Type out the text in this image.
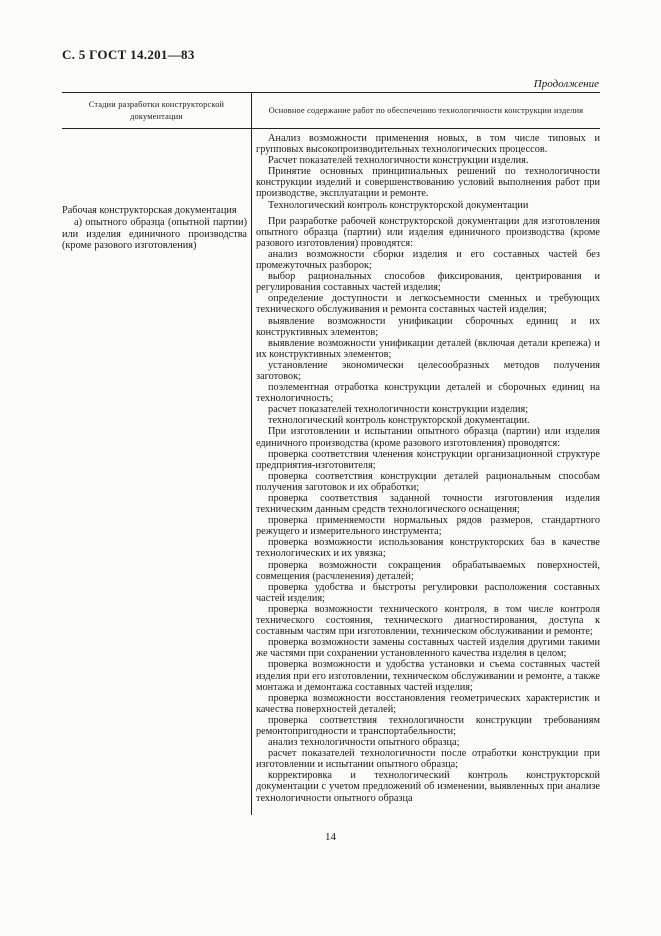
С. 5 ГОСТ 14.201—83
Продолжение
Стадии разработки конструкторской документации
Основное содержание работ по обеспечению технологичности конструкции изделия

Рабочая конструкторская документация

а) опытного образца (опытной партии) или изделия единичного производства (кроме разового изготовления)

Анализ возможности применения новых, в том числе типовых и групповых высокопроизводительных технологических процессов.

Расчет показателей технологичности конструкции изделия.

Принятие основных принципиальных решений по технологичности конструкции изделий и совершенствованию условий выполнения работ при производстве, эксплуатации и ремонте.

Технологический контроль конструкторской документации

При разработке рабочей конструкторской документации для изготовления опытного образца (партии) или изделия единичного производства (кроме разового изготовления) проводятся:

анализ возможности сборки изделия и его составных частей без промежуточных разборок;

выбор рациональных способов фиксирования, центрирования и регулирования составных частей изделия;

определение доступности и легкосъемности сменных и требующих технического обслуживания и ремонта составных частей изделия;

выявление возможности унификации сборочных единиц и их конструктивных элементов;

выявление возможности унификации деталей (включая детали крепежа) и их конструктивных элементов;

установление экономически целесообразных методов получения заготовок;

поэлементная отработка конструкции деталей и сборочных единиц на технологичность;

расчет показателей технологичности конструкции изделия;

технологический контроль конструкторской документации.

При изготовлении и испытании опытного образца (партии) или изделия единичного производства (кроме разового изготовления) проводятся:

проверка соответствия членения конструкции организационной структуре предприятия-изготовителя;

проверка соответствия конструкции деталей рациональным способам получения заготовок и их обработки;

проверка соответствия заданной точности изготовления изделия техническим данным средств технологического оснащения;

проверка применяемости нормальных рядов размеров, стандартного режущего и измерительного инструмента;

проверка возможности использования конструкторских баз в качестве технологических и их увязка;

проверка возможности сокращения обрабатываемых поверхностей, совмещения (расчленения) деталей;

проверка удобства и быстроты регулировки расположения составных частей изделия;

проверка возможности технического контроля, в том числе контроля технического состояния, технического диагностирования, доступа к составным частям при изготовлении, техническом обслуживании и ремонте;

проверка возможности замены составных частей изделия другими такими же частями при сохранении установленного качества изделия в целом;

проверка возможности и удобства установки и съема составных частей изделия при его изготовлении, техническом обслуживании и ремонте, а также монтажа и демонтажа составных частей изделия;

проверка возможности восстановления геометрических характеристик и качества поверхностей деталей;

проверка соответствия технологичности конструкции требованиям ремонтопригодности и транспортабельности;

анализ технологичности опытного образца;

расчет показателей технологичности после отработки конструкции при изготовлении и испытании опытного образца;

корректировка и технологический контроль конструкторской документации с учетом предложений об изменении, выявленных при анализе технологичности опытного образца

14
